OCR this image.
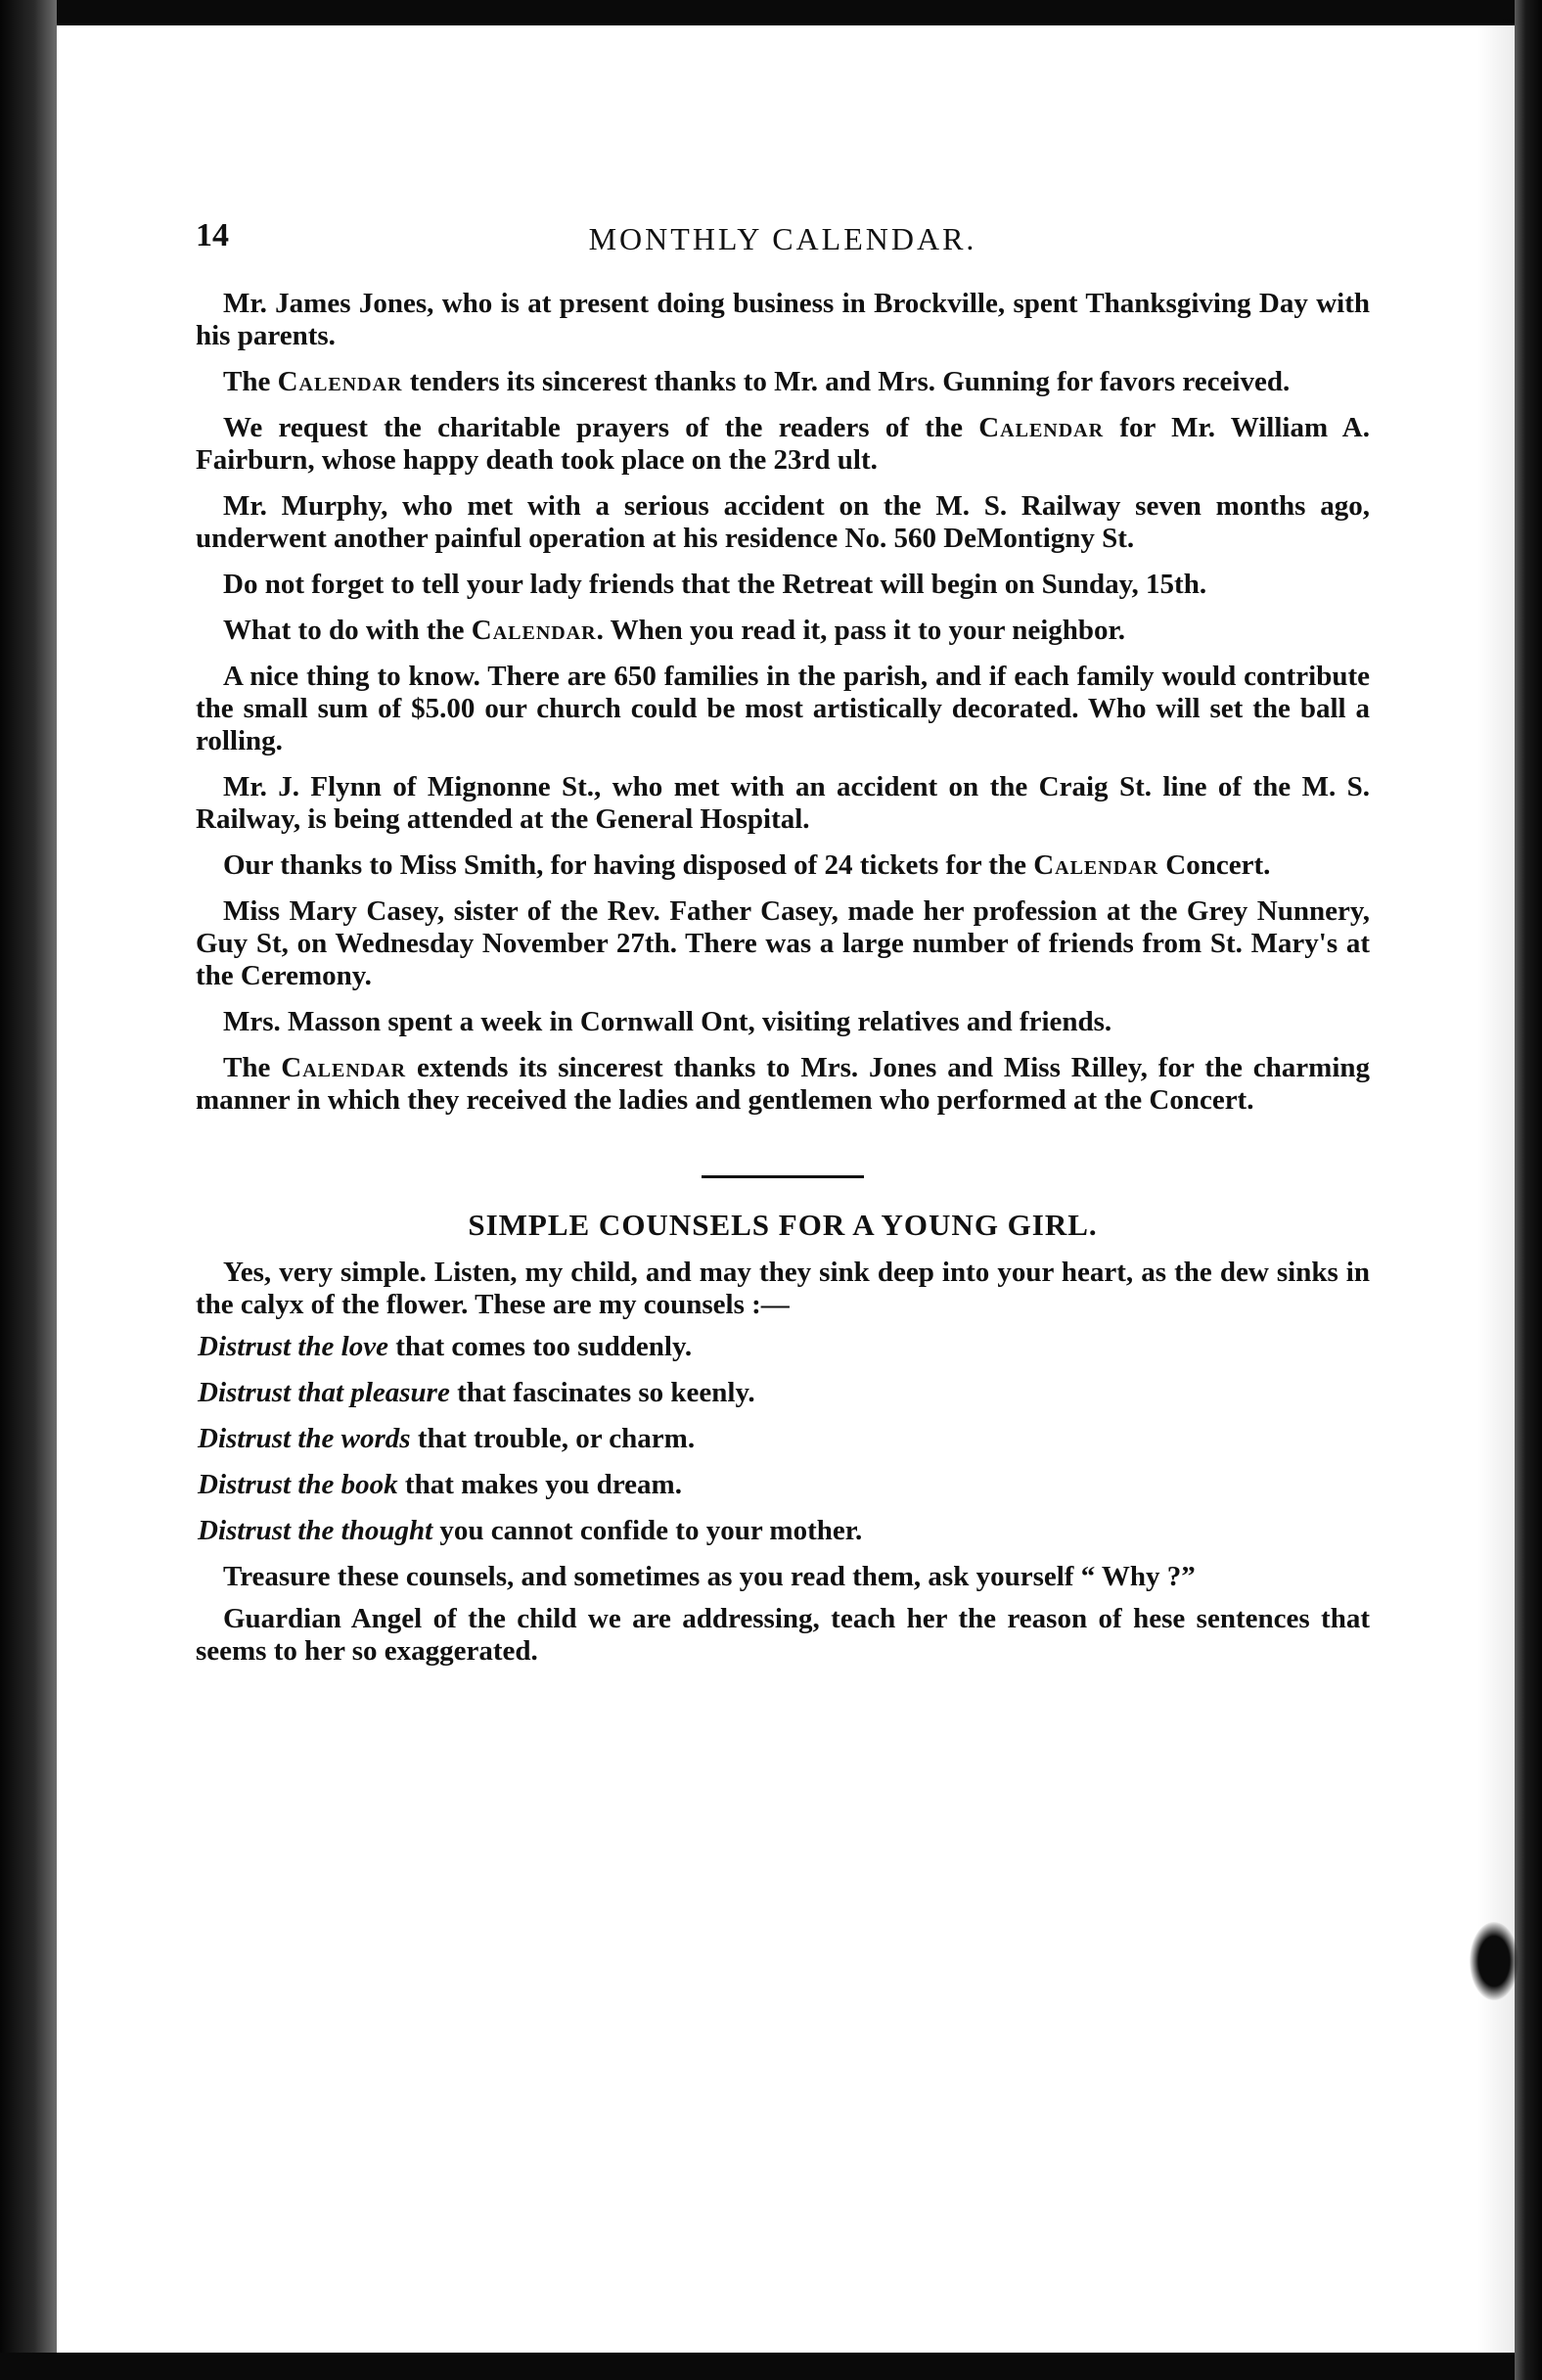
14	MONTHLY CALENDAR.

Mr. James Jones, who is at present doing business in Brockville, spent Thanksgiving Day with his parents.

The Calendar tenders its sincerest thanks to Mr. and Mrs. Gunning for favors received.

We request the charitable prayers of the readers of the Calendar for Mr. William A. Fairburn, whose happy death took place on the 23rd ult.

Mr. Murphy, who met with a serious accident on the M. S. Railway seven months ago, underwent another painful operation at his residence No. 560 DeMontigny St.

Do not forget to tell your lady friends that the Retreat will begin on Sunday, 15th.

What to do with the Calendar. When you read it, pass it to your neighbor.

A nice thing to know. There are 650 families in the parish, and if each family would contribute the small sum of $5.00 our church could be most artistically decorated. Who will set the ball a rolling.

Mr. J. Flynn of Mignonne St., who met with an accident on the Craig St. line of the M. S. Railway, is being attended at the General Hospital.

Our thanks to Miss Smith, for having disposed of 24 tickets for the Calendar Concert.

Miss Mary Casey, sister of the Rev. Father Casey, made her profession at the Grey Nunnery, Guy St, on Wednesday November 27th. There was a large number of friends from St. Mary's at the Ceremony.

Mrs. Masson spent a week in Cornwall Ont, visiting relatives and friends.

The Calendar extends its sincerest thanks to Mrs. Jones and Miss Rilley, for the charming manner in which they received the ladies and gentlemen who performed at the Concert.

SIMPLE COUNSELS FOR A YOUNG GIRL.

Yes, very simple. Listen, my child, and may they sink deep into your heart, as the dew sinks in the calyx of the flower. These are my counsels :—

Distrust the love that comes too suddenly.

Distrust that pleasure that fascinates so keenly.

Distrust the words that trouble, or charm.

Distrust the book that makes you dream.

Distrust the thought you cannot confide to your mother.

Treasure these counsels, and sometimes as you read them, ask yourself “ Why ?”

Guardian Angel of the child we are addressing, teach her the reason of hese sentences that seems to her so exaggerated.
